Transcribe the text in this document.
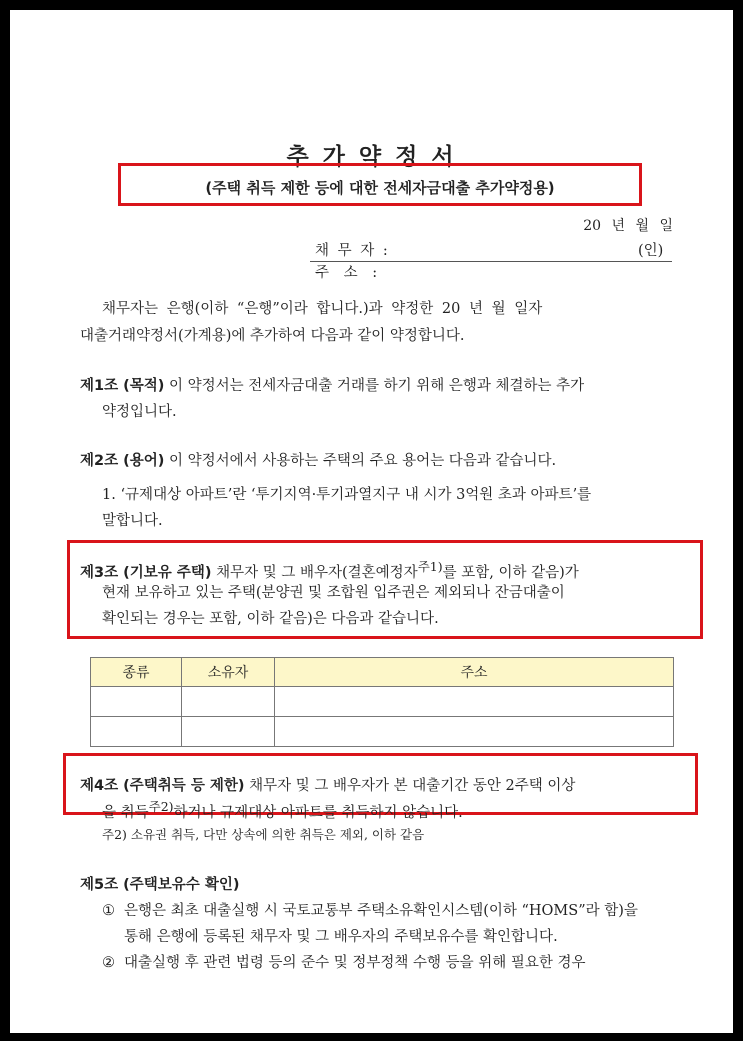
추 가 약 정 서
(주택 취득 제한 등에 대한 전세자금대출 추가약정용)
20 년 월 일
채 무 자 :	(인)
주 소 :
채무자는 은행(이하 “은행”이라 합니다.)과 약정한 20 년 월 일자
대출거래약정서(가계용)에 추가하여 다음과 같이 약정합니다.
제1조 (목적) 이 약정서는 전세자금대출 거래를 하기 위해 은행과 체결하는 추가
약정입니다.
제2조 (용어) 이 약정서에서 사용하는 주택의 주요 용어는 다음과 같습니다.
1. ‘규제대상 아파트’란 ‘투기지역·투기과열지구 내 시가 3억원 초과 아파트’를
말합니다.
제3조 (기보유 주택) 채무자 및 그 배우자(결혼예정자$^{주1)}$를 포함, 이하 같음)가
현재 보유하고 있는 주택(분양권 및 조합원 입주권은 제외되나 잔금대출이
확인되는 경우는 포함, 이하 같음)은 다음과 같습니다.
종류	소유자	주소

제4조 (주택취득 등 제한) 채무자 및 그 배우자가 본 대출기간 동안 2주택 이상
을 취득$^{주2)}$하거나 규제대상 아파트를 취득하지 않습니다.
주2) 소유권 취득, 다만 상속에 의한 취득은 제외, 이하 같음
제5조 (주택보유수 확인)
① 은행은 최초 대출실행 시 국토교통부 주택소유확인시스템(이하 “HOMS”라 함)을
통해 은행에 등록된 채무자 및 그 배우자의 주택보유수를 확인합니다.
② 대출실행 후 관련 법령 등의 준수 및 정부정책 수행 등을 위해 필요한 경우
